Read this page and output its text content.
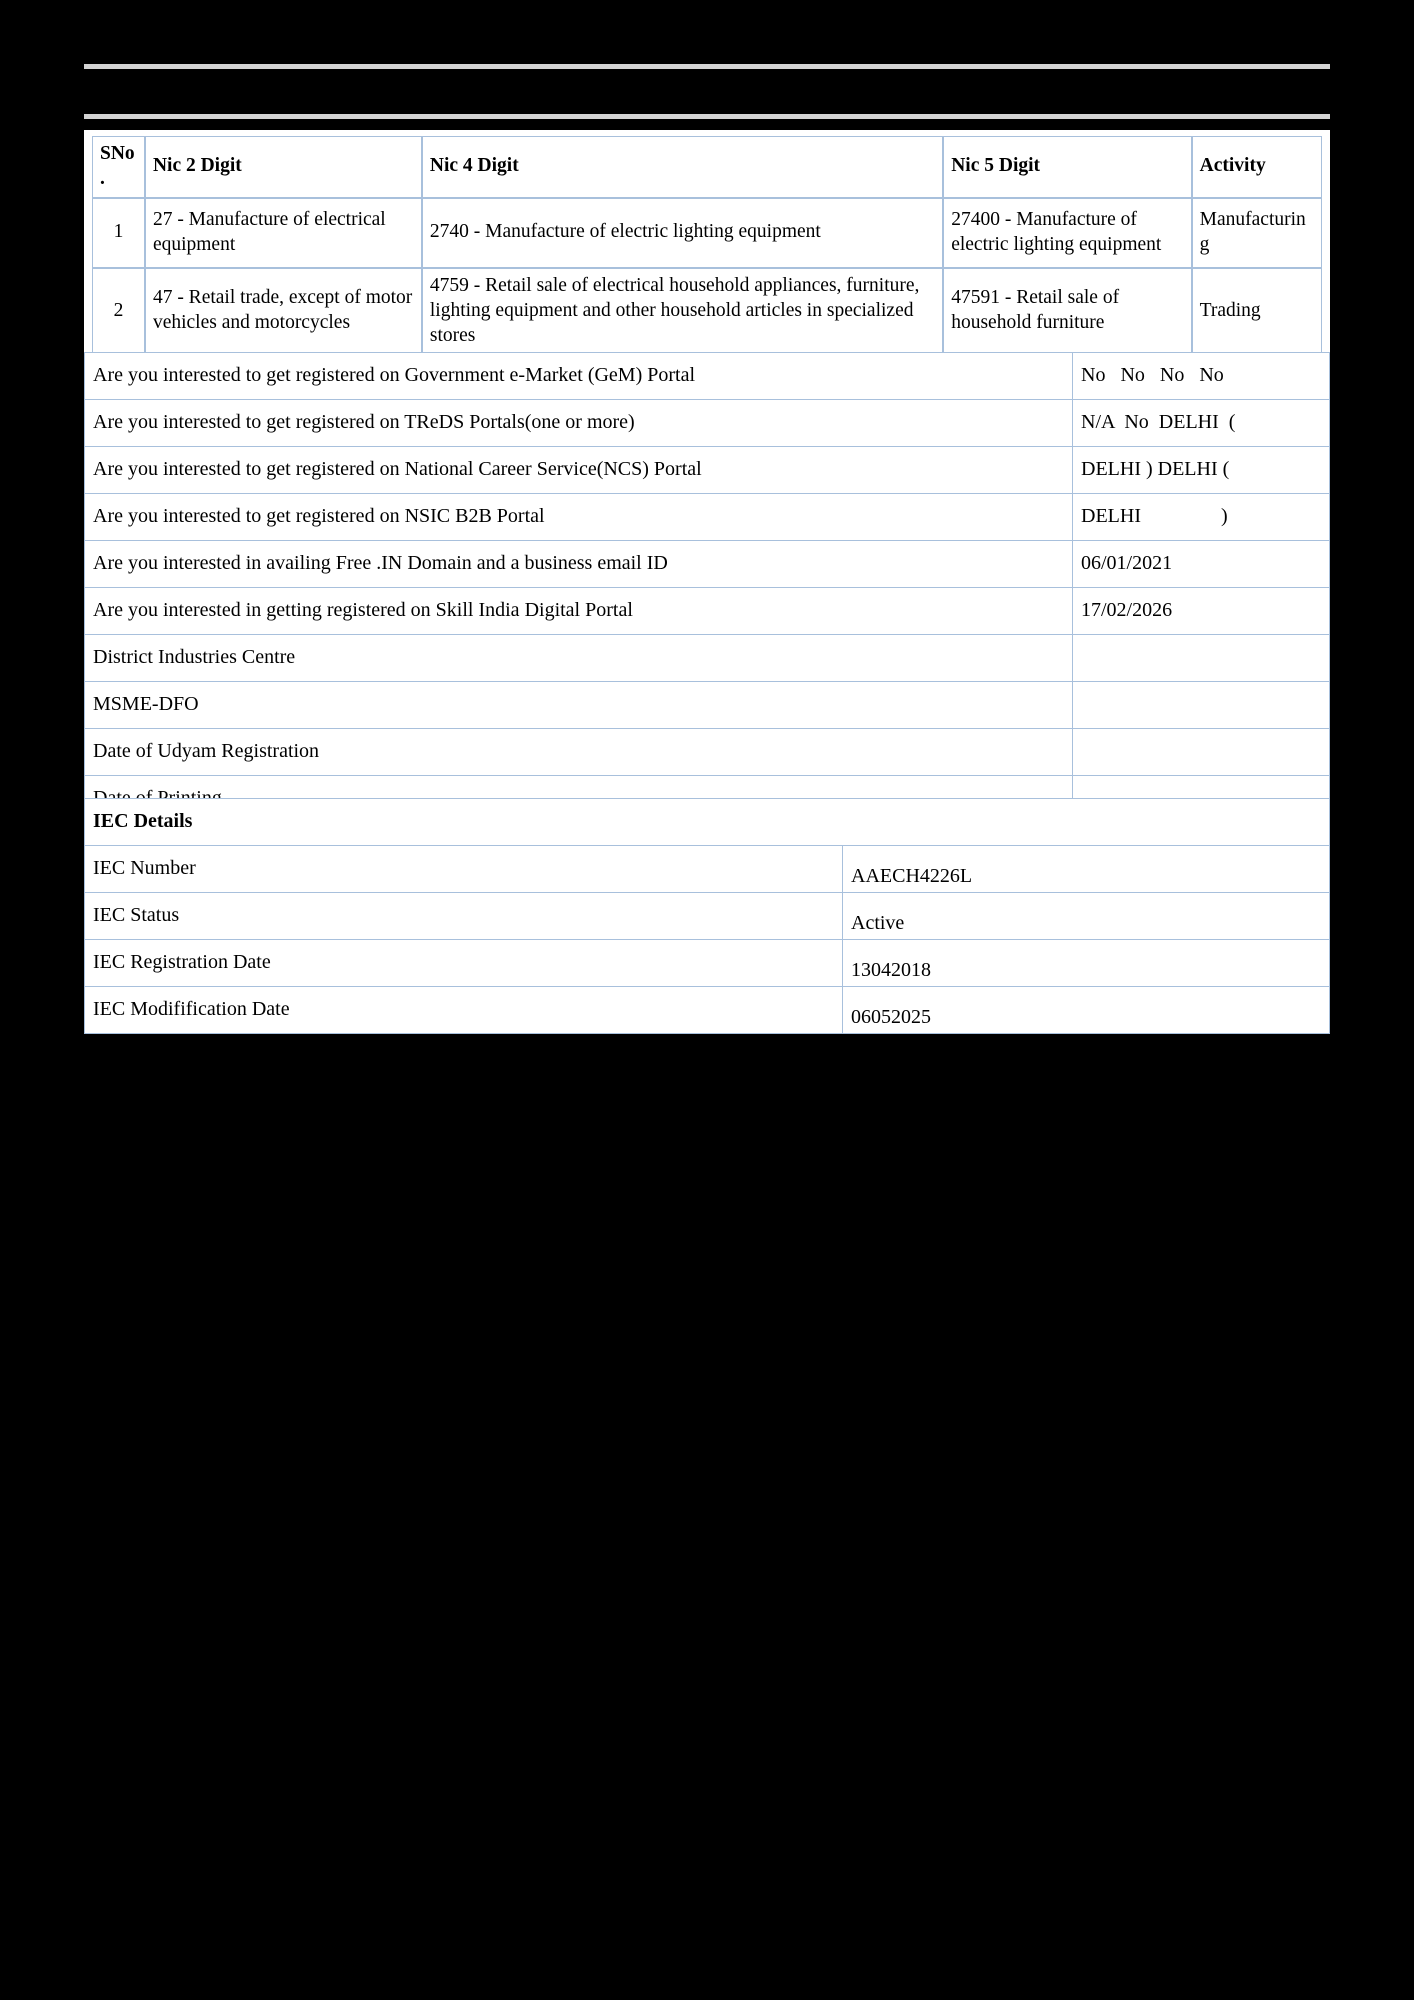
SNo.	Nic 2 Digit	Nic 4 Digit	Nic 5 Digit	Activity
1	27 - Manufacture of electrical equipment	2740 - Manufacture of electric lighting equipment	27400 - Manufacture of electric lighting equipment	Manufacturing
2	47 - Retail trade, except of motor vehicles and motorcycles	4759 - Retail sale of electrical household appliances, furniture, lighting equipment and other household articles in specialized stores	47591 - Retail sale of household furniture	Trading
Are you interested to get registered on Government e-Market (GeM) Portal	No   No   No   No
Are you interested to get registered on TReDS Portals(one or more)	N/A  No  DELHI  (
Are you interested to get registered on National Career Service(NCS) Portal	DELHI ) DELHI (
Are you interested to get registered on NSIC B2B Portal	DELHI                )
Are you interested in availing Free .IN Domain and a business email ID	06/01/2021
Are you interested in getting registered on Skill India Digital Portal	17/02/2026
District Industries Centre	
MSME-DFO	
Date of Udyam Registration	

IEC Details	
IEC Number	AAECH4226L
IEC Status	Active
IEC Registration Date	13042018
IEC Modifification Date	06052025
